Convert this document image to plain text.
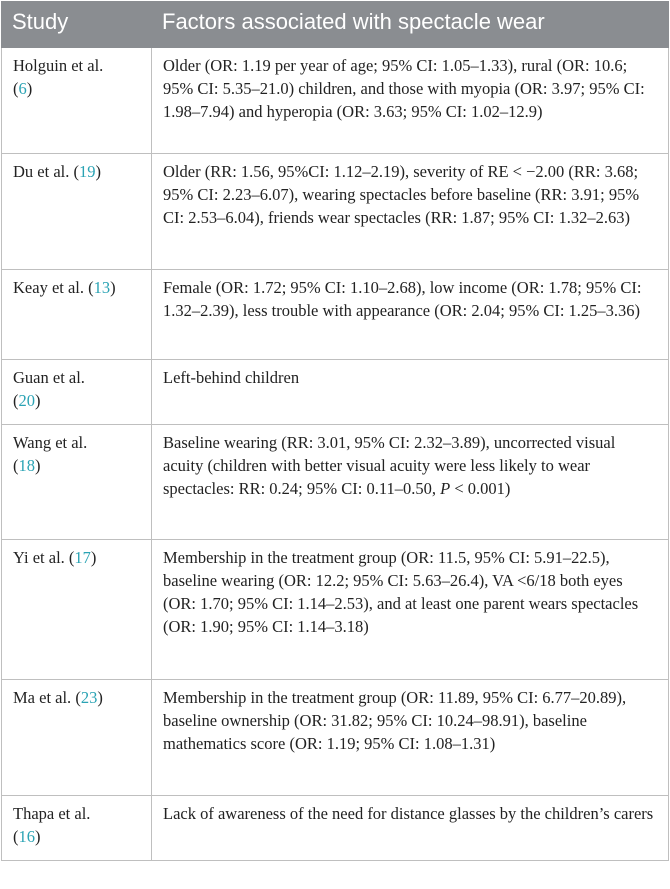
Study	Factors associated with spectacle wear
Holguin et al.
(6)	Older (OR: 1.19 per year of age; 95% CI: 1.05–1.33), rural (OR: 10.6; 95% CI: 5.35–21.0) children, and those with myopia (OR: 3.97; 95% CI: 1.98–7.94) and hyperopia (OR: 3.63; 95% CI: 1.02–12.9)
Du et al. (19)	Older (RR: 1.56, 95%CI: 1.12–2.19), severity of RE < −2.00 (RR: 3.68; 95% CI: 2.23–6.07), wearing spectacles before baseline (RR: 3.91; 95% CI: 2.53–6.04), friends wear spectacles (RR: 1.87; 95% CI: 1.32–2.63)
Keay et al. (13)	Female (OR: 1.72; 95% CI: 1.10–2.68), low income (OR: 1.78; 95% CI: 1.32–2.39), less trouble with appearance (OR: 2.04; 95% CI: 1.25–3.36)
Guan et al.
(20)	Left-behind children
Wang et al.
(18)	Baseline wearing (RR: 3.01, 95% CI: 2.32–3.89), uncorrected visual acuity (children with better visual acuity were less likely to wear spectacles: RR: 0.24; 95% CI: 0.11–0.50, P < 0.001)
Yi et al. (17)	Membership in the treatment group (OR: 11.5, 95% CI: 5.91–22.5), baseline wearing (OR: 12.2; 95% CI: 5.63–26.4), VA <6/18 both eyes (OR: 1.70; 95% CI: 1.14–2.53), and at least one parent wears spectacles (OR: 1.90; 95% CI: 1.14–3.18)
Ma et al. (23)	Membership in the treatment group (OR: 11.89, 95% CI: 6.77–20.89), baseline ownership (OR: 31.82; 95% CI: 10.24–98.91), baseline mathematics score (OR: 1.19; 95% CI: 1.08–1.31)
Thapa et al.
(16)	Lack of awareness of the need for distance glasses by the children’s carers
